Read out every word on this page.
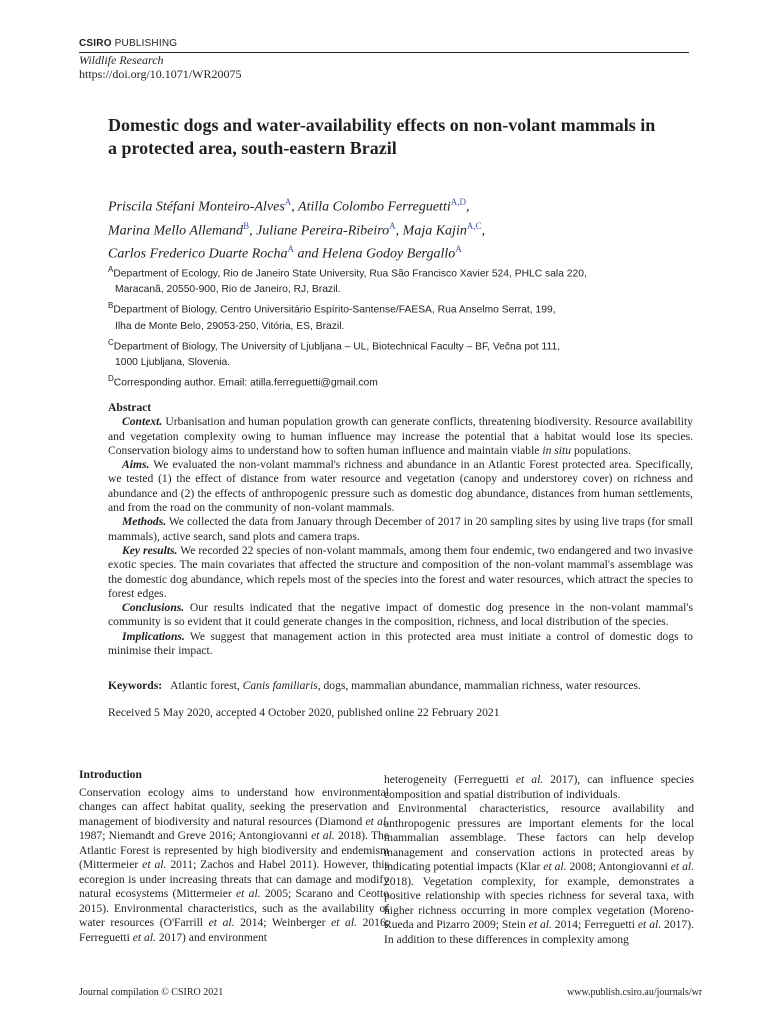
CSIRO PUBLISHING
Wildlife Research
https://doi.org/10.1071/WR20075
Domestic dogs and water-availability effects on non-volant mammals in a protected area, south-eastern Brazil
Priscila Stéfani Monteiro-Alves$^A$, Atilla Colombo Ferreguetti$^{A,D}$,
Marina Mello Allemand$^B$, Juliane Pereira-Ribeiro$^A$, Maja Kajin$^{A,C}$,
Carlos Frederico Duarte Rocha$^A$ and Helena Godoy Bergallo$^A$
$^A$Department of Ecology, Rio de Janeiro State University, Rua São Francisco Xavier 524, PHLC sala 220,
Maracanã, 20550-900, Rio de Janeiro, RJ, Brazil.
$^B$Department of Biology, Centro Universitário Espírito-Santense/FAESA, Rua Anselmo Serrat, 199,
Ilha de Monte Belo, 29053-250, Vitória, ES, Brazil.
$^C$Department of Biology, The University of Ljubljana – UL, Biotechnical Faculty – BF, Večna pot 111,
1000 Ljubljana, Slovenia.
$^D$Corresponding author. Email: atilla.ferreguetti@gmail.com
Abstract

Context. Urbanisation and human population growth can generate conflicts, threatening biodiversity. Resource availability and vegetation complexity owing to human influence may increase the potential that a habitat would lose its species. Conservation biology aims to understand how to soften human influence and maintain viable in situ populations.

Aims. We evaluated the non-volant mammal's richness and abundance in an Atlantic Forest protected area. Specifically, we tested (1) the effect of distance from water resource and vegetation (canopy and understorey cover) on richness and abundance and (2) the effects of anthropogenic pressure such as domestic dog abundance, distances from human settlements, and from the road on the community of non-volant mammals.

Methods. We collected the data from January through December of 2017 in 20 sampling sites by using live traps (for small mammals), active search, sand plots and camera traps.

Key results. We recorded 22 species of non-volant mammals, among them four endemic, two endangered and two invasive exotic species. The main covariates that affected the structure and composition of the non-volant mammal's assemblage was the domestic dog abundance, which repels most of the species into the forest and water resources, which attract the species to forest edges.

Conclusions. Our results indicated that the negative impact of domestic dog presence in the non-volant mammal's community is so evident that it could generate changes in the composition, richness, and local distribution of the species.

Implications. We suggest that management action in this protected area must initiate a control of domestic dogs to minimise their impact.

Keywords: Atlantic forest, Canis familiaris, dogs, mammalian abundance, mammalian richness, water resources.
Received 5 May 2020, accepted 4 October 2020, published online 22 February 2021
Introduction

Conservation ecology aims to understand how environmental changes can affect habitat quality, seeking the preservation and management of biodiversity and natural resources (Diamond et al. 1987; Niemandt and Greve 2016; Antongiovanni et al. 2018). The Atlantic Forest is represented by high biodiversity and endemism (Mittermeier et al. 2011; Zachos and Habel 2011). However, this ecoregion is under increasing threats that can damage and modify natural ecosystems (Mittermeier et al. 2005; Scarano and Ceotto 2015). Environmental characteristics, such as the availability of water resources (O'Farrill et al. 2014; Weinberger et al. 2016; Ferreguetti et al. 2017) and environment

heterogeneity (Ferreguetti et al. 2017), can influence species composition and spatial distribution of individuals.

Environmental characteristics, resource availability and anthropogenic pressures are important elements for the local mammalian assemblage. These factors can help develop management and conservation actions in protected areas by indicating potential impacts (Klar et al. 2008; Antongiovanni et al. 2018). Vegetation complexity, for example, demonstrates a positive relationship with species richness for several taxa, with higher richness occurring in more complex vegetation (Moreno-Rueda and Pizarro 2009; Stein et al. 2014; Ferreguetti et al. 2017). In addition to these differences in complexity among

Journal compilation © CSIRO 2021	www.publish.csiro.au/journals/wr
